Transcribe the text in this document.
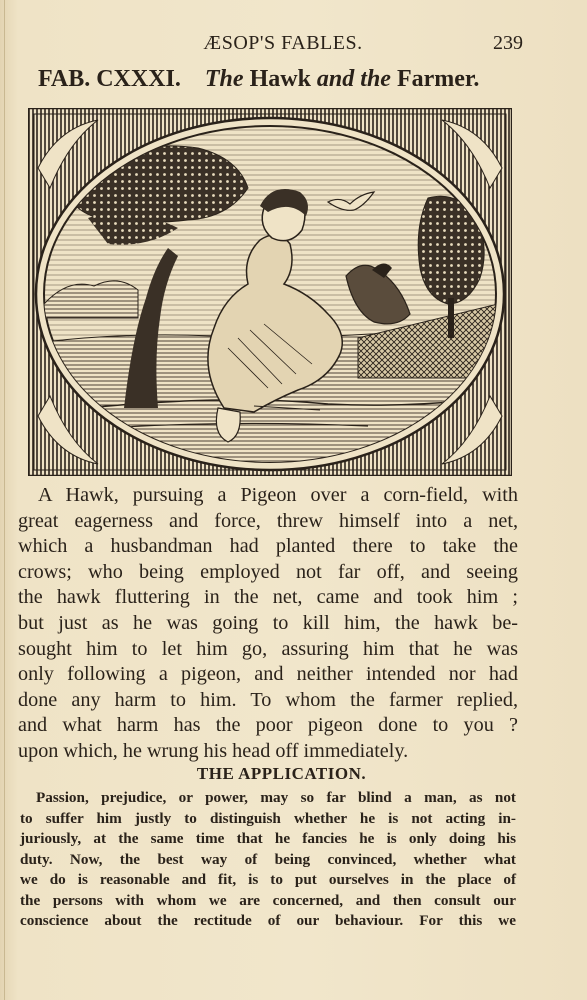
ÆSOP'S FABLES.	239
FAB. CXXXI. The Hawk and the Farmer.
A Hawk, pursuing a Pigeon over a corn-field, with
great eagerness and force, threw himself into a net,
which a husbandman had planted there to take the
crows; who being employed not far off, and seeing
the hawk fluttering in the net, came and took him ;
but just as he was going to kill him, the hawk be-
sought him to let him go, assuring him that he was
only following a pigeon, and neither intended nor had
done any harm to him. To whom the farmer replied,
and what harm has the poor pigeon done to you ?
upon which, he wrung his head off immediately.
THE APPLICATION.
Passion, prejudice, or power, may so far blind a man, as not
to suffer him justly to distinguish whether he is not acting in-
juriously, at the same time that he fancies he is only doing his
duty. Now, the best way of being convinced, whether what
we do is reasonable and fit, is to put ourselves in the place of
the persons with whom we are concerned, and then consult our
conscience about the rectitude of our behaviour. For this we
